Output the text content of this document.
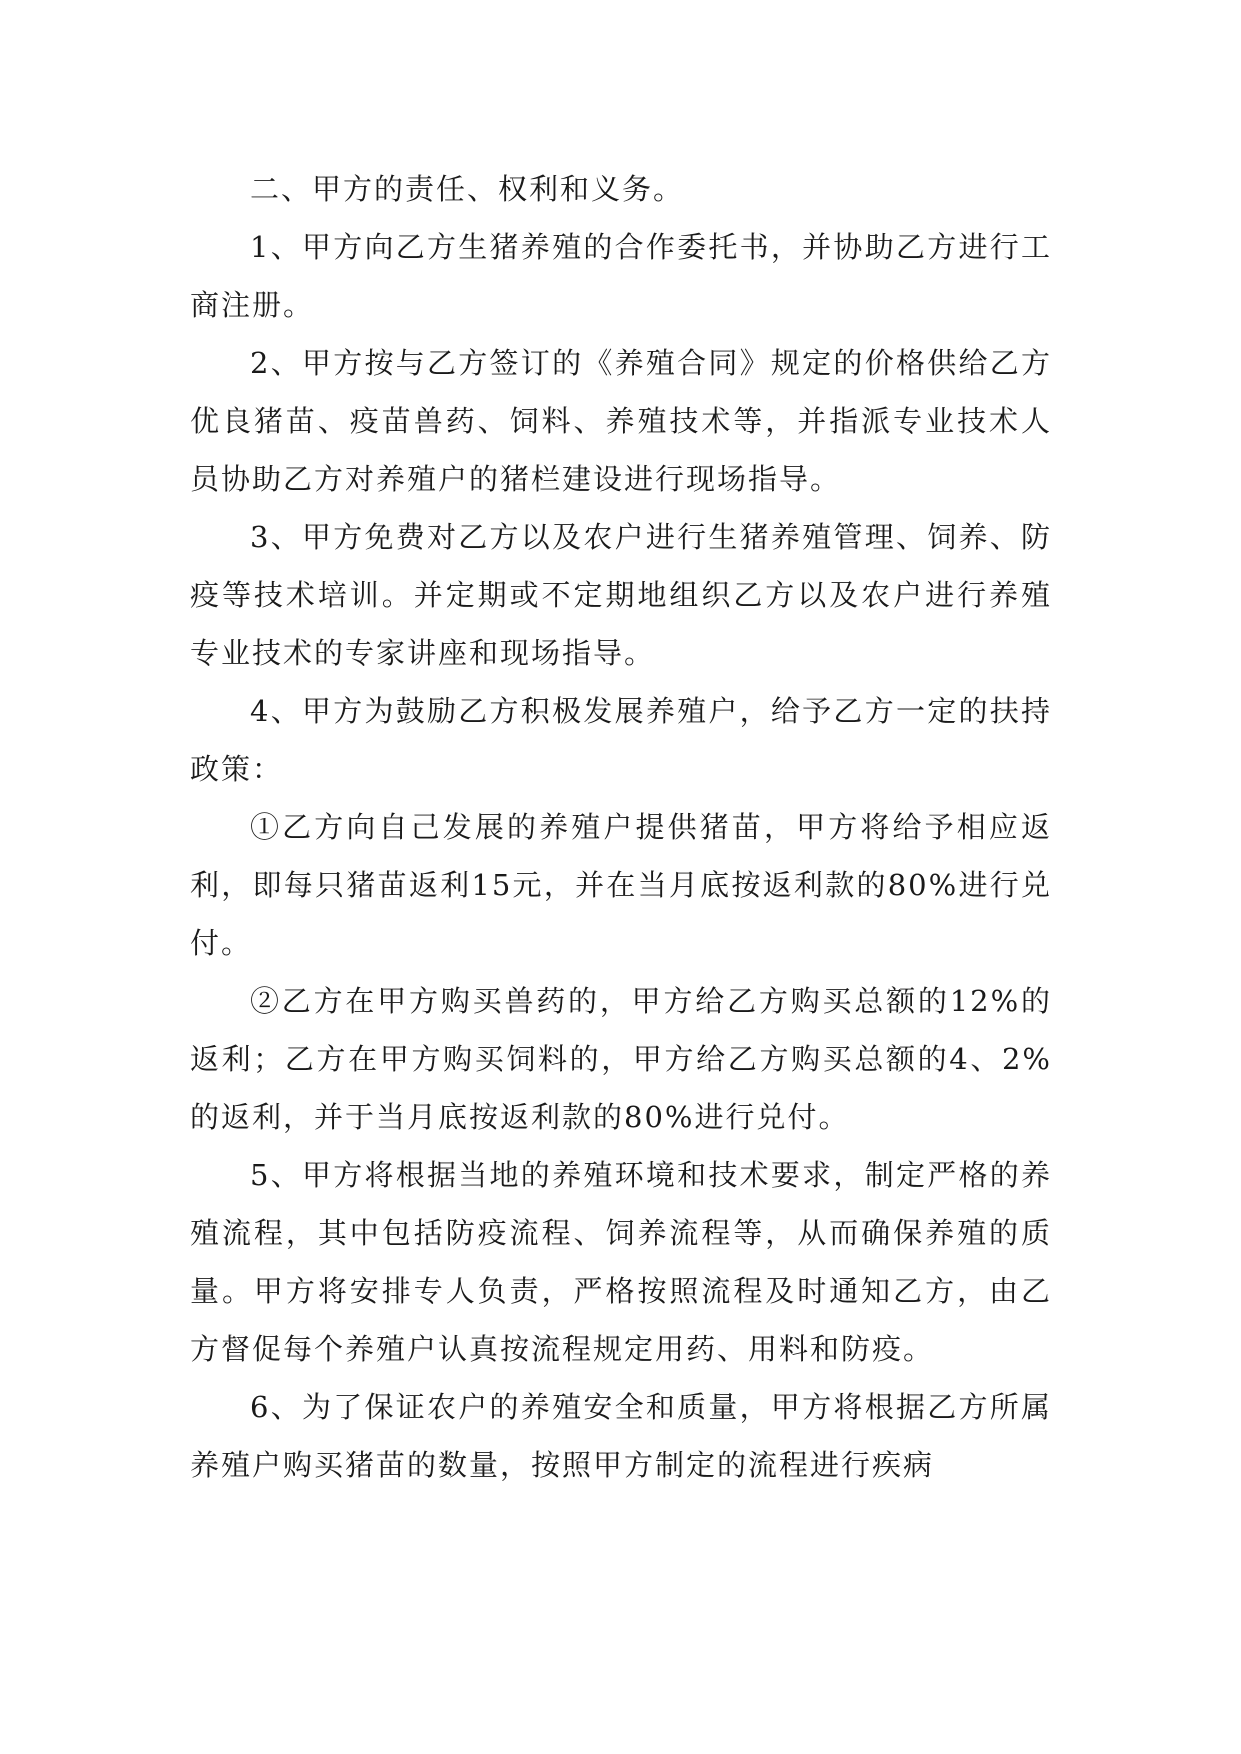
二、甲方的责任、权利和义务。

1、甲方向乙方生猪养殖的合作委托书，并协助乙方进行工商注册。

2、甲方按与乙方签订的《养殖合同》规定的价格供给乙方优良猪苗、疫苗兽药、饲料、养殖技术等，并指派专业技术人员协助乙方对养殖户的猪栏建设进行现场指导。

3、甲方免费对乙方以及农户进行生猪养殖管理、饲养、防疫等技术培训。并定期或不定期地组织乙方以及农户进行养殖专业技术的专家讲座和现场指导。

4、甲方为鼓励乙方积极发展养殖户，给予乙方一定的扶持政策：

①乙方向自己发展的养殖户提供猪苗，甲方将给予相应返利，即每只猪苗返利15元，并在当月底按返利款的80%进行兑付。

②乙方在甲方购买兽药的，甲方给乙方购买总额的12%的返利；乙方在甲方购买饲料的，甲方给乙方购买总额的4、2%的返利，并于当月底按返利款的80%进行兑付。

5、甲方将根据当地的养殖环境和技术要求，制定严格的养殖流程，其中包括防疫流程、饲养流程等，从而确保养殖的质量。甲方将安排专人负责，严格按照流程及时通知乙方，由乙方督促每个养殖户认真按流程规定用药、用料和防疫。

6、为了保证农户的养殖安全和质量，甲方将根据乙方所属养殖户购买猪苗的数量，按照甲方制定的流程进行疾病
